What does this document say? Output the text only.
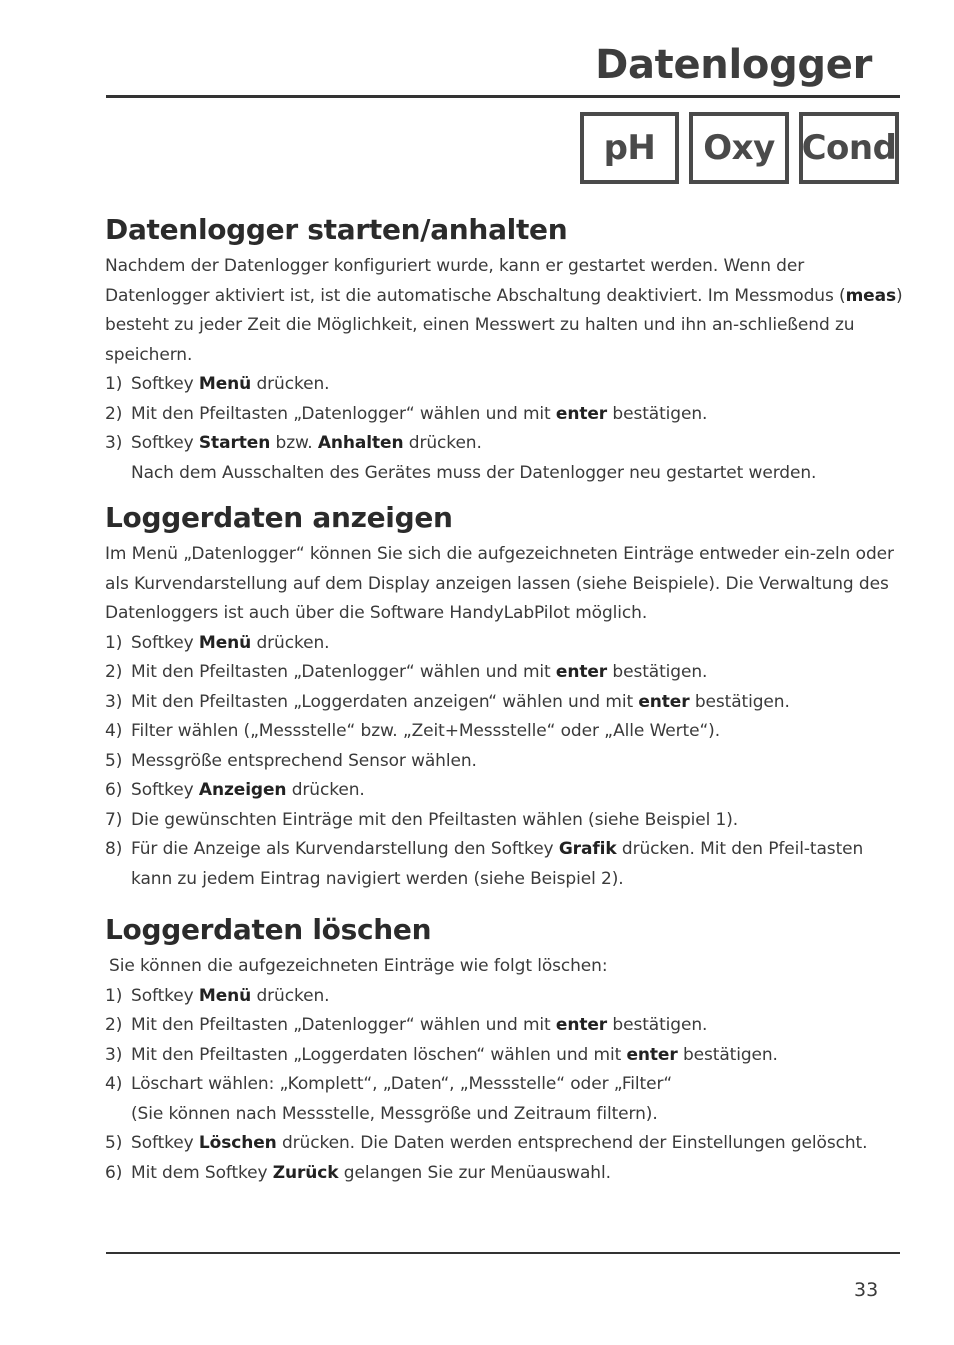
Datenlogger
pH	Oxy Cond
Datenlogger starten/anhalten

Nachdem der Datenlogger konfiguriert wurde, kann er gestartet werden. Wenn der Datenlogger aktiviert ist, ist die automatische Abschaltung deaktiviert. Im Messmodus (meas) besteht zu jeder Zeit die Möglichkeit, einen Messwert zu halten und ihn an-schließend zu speichern.

1) Softkey Menü drücken.
2) Mit den Pfeiltasten „Datenlogger“ wählen und mit enter bestätigen.
3) Softkey Starten bzw. Anhalten drücken.

Nach dem Ausschalten des Gerätes muss der Datenlogger neu gestartet werden.

Loggerdaten anzeigen

Im Menü „Datenlogger“ können Sie sich die aufgezeichneten Einträge entweder ein-zeln oder als Kurvendarstellung auf dem Display anzeigen lassen (siehe Beispiele). Die Verwaltung des Datenloggers ist auch über die Software HandyLabPilot möglich.

1) Softkey Menü drücken.
2) Mit den Pfeiltasten „Datenlogger“ wählen und mit enter bestätigen.
3) Mit den Pfeiltasten „Loggerdaten anzeigen“ wählen und mit enter bestätigen.
4) Filter wählen („Messstelle“ bzw. „Zeit+Messstelle“ oder „Alle Werte“).
5) Messgröße entsprechend Sensor wählen.
6) Softkey Anzeigen drücken.
7) Die gewünschten Einträge mit den Pfeiltasten wählen (siehe Beispiel 1).
8) Für die Anzeige als Kurvendarstellung den Softkey Grafik drücken. Mit den Pfeil-tasten kann zu jedem Eintrag navigiert werden (siehe Beispiel 2).
Loggerdaten löschen

Sie können die aufgezeichneten Einträge wie folgt löschen:

1) Softkey Menü drücken.
2) Mit den Pfeiltasten „Datenlogger“ wählen und mit enter bestätigen.
3) Mit den Pfeiltasten „Loggerdaten löschen“ wählen und mit enter bestätigen.
4) Löschart wählen: „Komplett“, „Daten“, „Messstelle“ oder „Filter“
(Sie können nach Messstelle, Messgröße und Zeitraum filtern).
5) Softkey Löschen drücken. Die Daten werden entsprechend der Einstellungen gelöscht.
6) Mit dem Softkey Zurück gelangen Sie zur Menüauswahl.
33
